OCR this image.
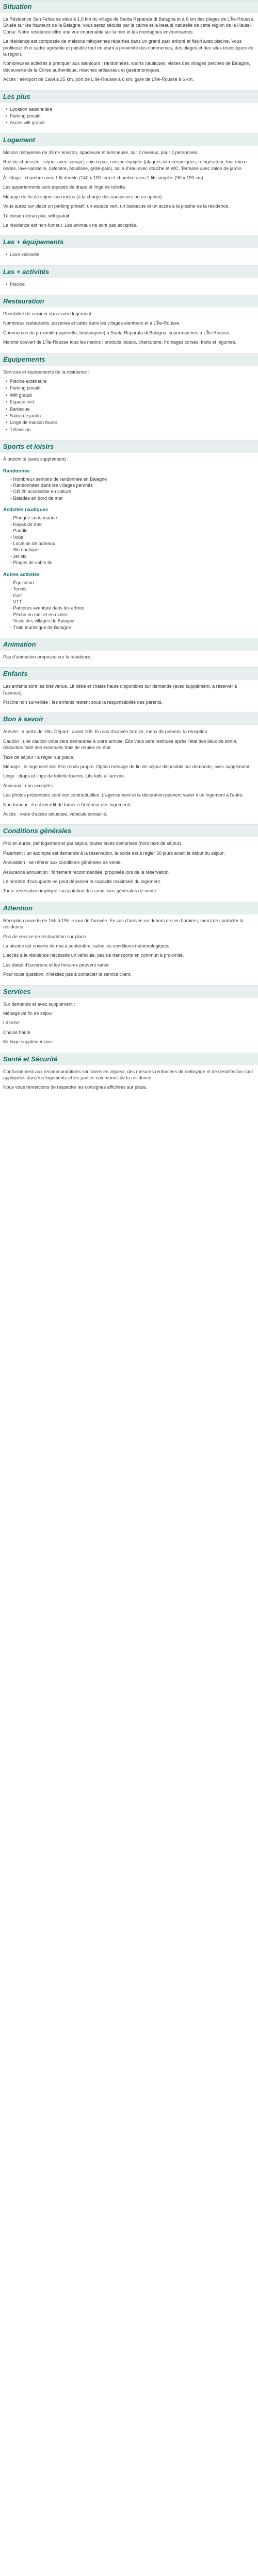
Situation

La Résidence San Felice se situe à 1,5 km du village de Santa Reparata di Balagna et à 6 km des plages de L'Île-Rousse. Située sur les hauteurs de la Balagne, vous serez séduits par le calme et la beauté naturelle de cette région de la Haute-Corse. Notre résidence offre une vue imprenable sur la mer et les montagnes environnantes.

La résidence est composée de maisons mitoyennes réparties dans un grand parc arboré et fleuri avec piscine. Vous profiterez d'un cadre agréable et paisible tout en étant à proximité des commerces, des plages et des sites touristiques de la région.

Nombreuses activités à pratiquer aux alentours : randonnées, sports nautiques, visites des villages perchés de Balagne, découverte de la Corse authentique, marchés artisanaux et gastronomiques.

Accès : aéroport de Calvi à 25 km, port de L'Île-Rousse à 6 km, gare de L'Île-Rousse à 6 km.

Les plus
• Location saisonnière
• Parking privatif
• Accès wifi gratuit
Logement

Maison mitoyenne de 39 m² environ, spacieuse et lumineuse, sur 2 niveaux, pour 4 personnes.

Rez-de-chaussée : séjour avec canapé, coin repas, cuisine équipée (plaques vitrocéramiques, réfrigérateur, four micro-ondes, lave-vaisselle, cafetière, bouilloire, grille-pain), salle d'eau avec douche et WC. Terrasse avec salon de jardin.

À l'étage : chambre avec 1 lit double (140 x 190 cm) et chambre avec 2 lits simples (90 x 190 cm).

Les appartements sont équipés de draps et linge de toilette.

Ménage de fin de séjour non inclus (à la charge des vacanciers ou en option).

Vous aurez sur place un parking privatif, un espace vert, un barbecue et un accès à la piscine de la résidence.

Télévision écran plat, wifi gratuit.

La résidence est non-fumeur. Les animaux ne sont pas acceptés.

Les + équipements
• Lave-vaisselle
Les + activités
• Piscine
Restauration

Possibilité de cuisiner dans votre logement.

Nombreux restaurants, pizzerias et cafés dans les villages alentours et à L'Île-Rousse.

Commerces de proximité (supérette, boulangerie) à Santa Reparata di Balagna, supermarchés à L'Île-Rousse.

Marché couvert de L'Île-Rousse tous les matins : produits locaux, charcuterie, fromages corses, fruits et légumes.

Équipements

Services et équipements de la résidence :

• Piscine extérieure
• Parking privatif
• Wifi gratuit
• Espace vert
• Barbecue
• Salon de jardin
• Linge de maison fourni
• Télévision
Sports et loisirs

À proximité (avec supplément) :

Randonnée
- Nombreux sentiers de randonnée en Balagne
- Randonnées dans les villages perchés
- GR 20 accessible en voiture
- Balades en bord de mer
Activités nautiques
- Plongée sous-marine
- Kayak de mer
- Paddle
- Voile
- Location de bateaux
- Ski nautique
- Jet ski
- Plages de sable fin
Autres activités
- Équitation
- Tennis
- Golf
- VTT
- Parcours aventure dans les arbres
- Pêche en mer et en rivière
- Visite des villages de Balagne
- Train touristique de Balagne
Animation

Pas d'animation proposée sur la résidence.

Enfants

Les enfants sont les bienvenus. Lit bébé et chaise haute disponibles sur demande (avec supplément, à réserver à l'avance).

Piscine non surveillée : les enfants restent sous la responsabilité des parents.

Bon à savoir

Arrivée : à partir de 16h. Départ : avant 10h. En cas d'arrivée tardive, merci de prévenir la réception.

Caution : une caution vous sera demandée à votre arrivée. Elle vous sera restituée après l'état des lieux de sortie, déduction faite des éventuels frais de remise en état.

Taxe de séjour : à régler sur place.

Ménage : le logement doit être rendu propre. Option ménage de fin de séjour disponible sur demande, avec supplément.

Linge : draps et linge de toilette fournis. Lits faits à l'arrivée.

Animaux : non acceptés.

Les photos présentées sont non contractuelles. L'agencement et la décoration peuvent varier d'un logement à l'autre.

Non-fumeur : il est interdit de fumer à l'intérieur des logements.

Accès : route d'accès sinueuse, véhicule conseillé.

Conditions générales

Prix en euros, par logement et par séjour, toutes taxes comprises (hors taxe de séjour).

Paiement : un acompte est demandé à la réservation, le solde est à régler 30 jours avant le début du séjour.

Annulation : se référer aux conditions générales de vente.

Assurance annulation : fortement recommandée, proposée lors de la réservation.

Le nombre d'occupants ne peut dépasser la capacité maximale du logement.

Toute réservation implique l'acceptation des conditions générales de vente.

Attention

Réception ouverte de 16h à 19h le jour de l'arrivée. En cas d'arrivée en dehors de ces horaires, merci de contacter la résidence.

Pas de service de restauration sur place.

La piscine est ouverte de mai à septembre, selon les conditions météorologiques.

L'accès à la résidence nécessite un véhicule, pas de transports en commun à proximité.

Les dates d'ouverture et les horaires peuvent varier.

Pour toute question, n'hésitez pas à contacter le service client.

Services

Sur demande et avec supplément :

Ménage de fin de séjour

Lit bébé

Chaise haute

Kit linge supplémentaire

Santé et Sécurité

Conformément aux recommandations sanitaires en vigueur, des mesures renforcées de nettoyage et de désinfection sont appliquées dans les logements et les parties communes de la résidence.

Nous vous remercions de respecter les consignes affichées sur place.
